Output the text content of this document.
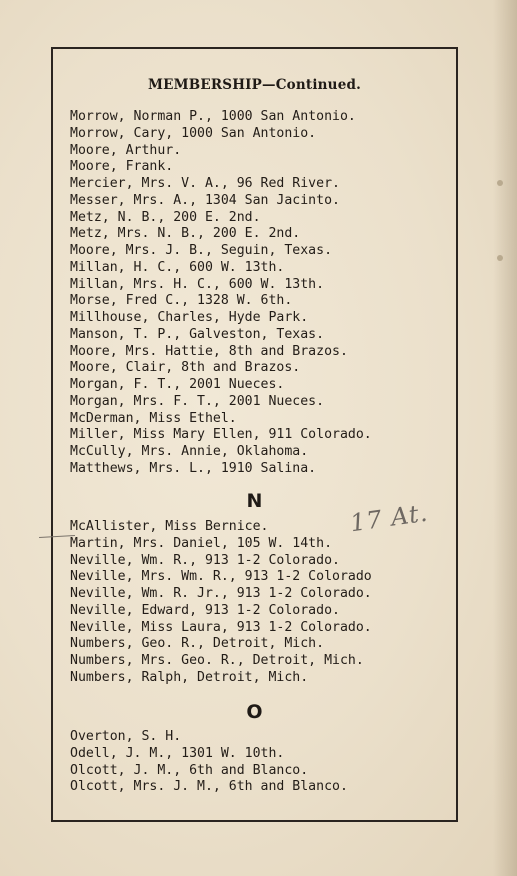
MEMBERSHIP—Continued.
Morrow, Norman P., 1000 San Antonio.
Morrow, Cary, 1000 San Antonio.
Moore, Arthur.
Moore, Frank.
Mercier, Mrs. V. A., 96 Red River.
Messer, Mrs. A., 1304 San Jacinto.
Metz, N. B., 200 E. 2nd.
Metz, Mrs. N. B., 200 E. 2nd.
Moore, Mrs. J. B., Seguin, Texas.
Millan, H. C., 600 W. 13th.
Millan, Mrs. H. C., 600 W. 13th.
Morse, Fred C., 1328 W. 6th.
Millhouse, Charles, Hyde Park.
Manson, T. P., Galveston, Texas.
Moore, Mrs. Hattie, 8th and Brazos.
Moore, Clair, 8th and Brazos.
Morgan, F. T., 2001 Nueces.
Morgan, Mrs. F. T., 2001 Nueces.
McDerman, Miss Ethel.
Miller, Miss Mary Ellen, 911 Colorado.
McCully, Mrs. Annie, Oklahoma.
Matthews, Mrs. L., 1910 Salina.
N	17 At.
McAllister, Miss Bernice.
Martin, Mrs. Daniel, 105 W. 14th.
Neville, Wm. R., 913 1-2 Colorado.
Neville, Mrs. Wm. R., 913 1-2 Colorado
Neville, Wm. R. Jr., 913 1-2 Colorado.
Neville, Edward, 913 1-2 Colorado.
Neville, Miss Laura, 913 1-2 Colorado.
Numbers, Geo. R., Detroit, Mich.
Numbers, Mrs. Geo. R., Detroit, Mich.
Numbers, Ralph, Detroit, Mich.
O
Overton, S. H.
Odell, J. M., 1301 W. 10th.
Olcott, J. M., 6th and Blanco.
Olcott, Mrs. J. M., 6th and Blanco.
